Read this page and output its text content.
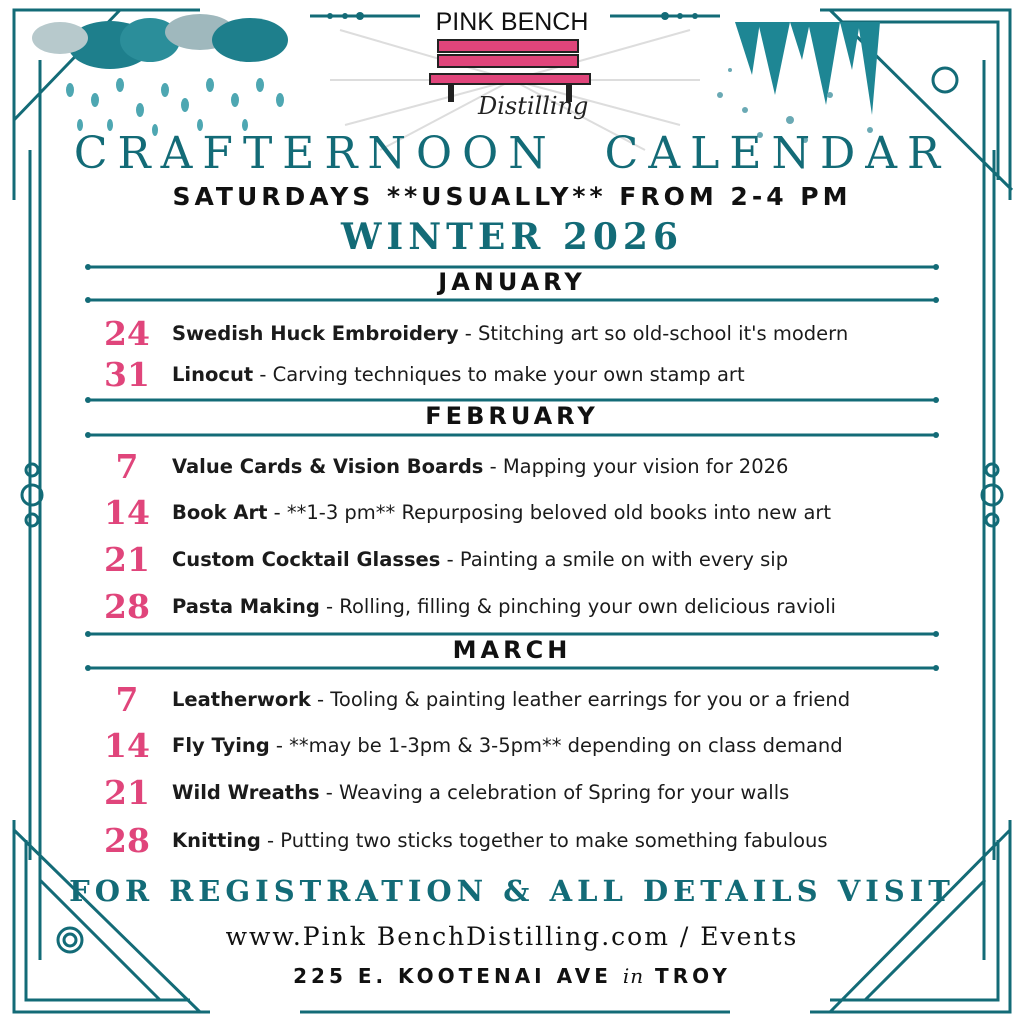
PINK BENCH
Distilling
CRAFTERNOON  CALENDAR
SATURDAYS **USUALLY** FROM 2-4 PM
WINTER 2026
JANUARY
24	Swedish Huck Embroidery - Stitching art so old-school it's modern
31	Linocut - Carving techniques to make your own stamp art
FEBRUARY
7	Value Cards & Vision Boards - Mapping your vision for 2026
14	Book Art - **1-3 pm** Repurposing beloved old books into new art
21	Custom Cocktail Glasses - Painting a smile on with every sip
28	Pasta Making - Rolling, filling & pinching your own delicious ravioli
MARCH
7	Leatherwork - Tooling & painting leather earrings for you or a friend
14	Fly Tying - **may be 1-3pm & 3-5pm** depending on class demand
21	Wild Wreaths - Weaving a celebration of Spring for your walls
28	Knitting - Putting two sticks together to make something fabulous
FOR REGISTRATION & ALL DETAILS VISIT
www.Pink BenchDistilling.com / Events
225 E. KOOTENAI AVE in TROY
